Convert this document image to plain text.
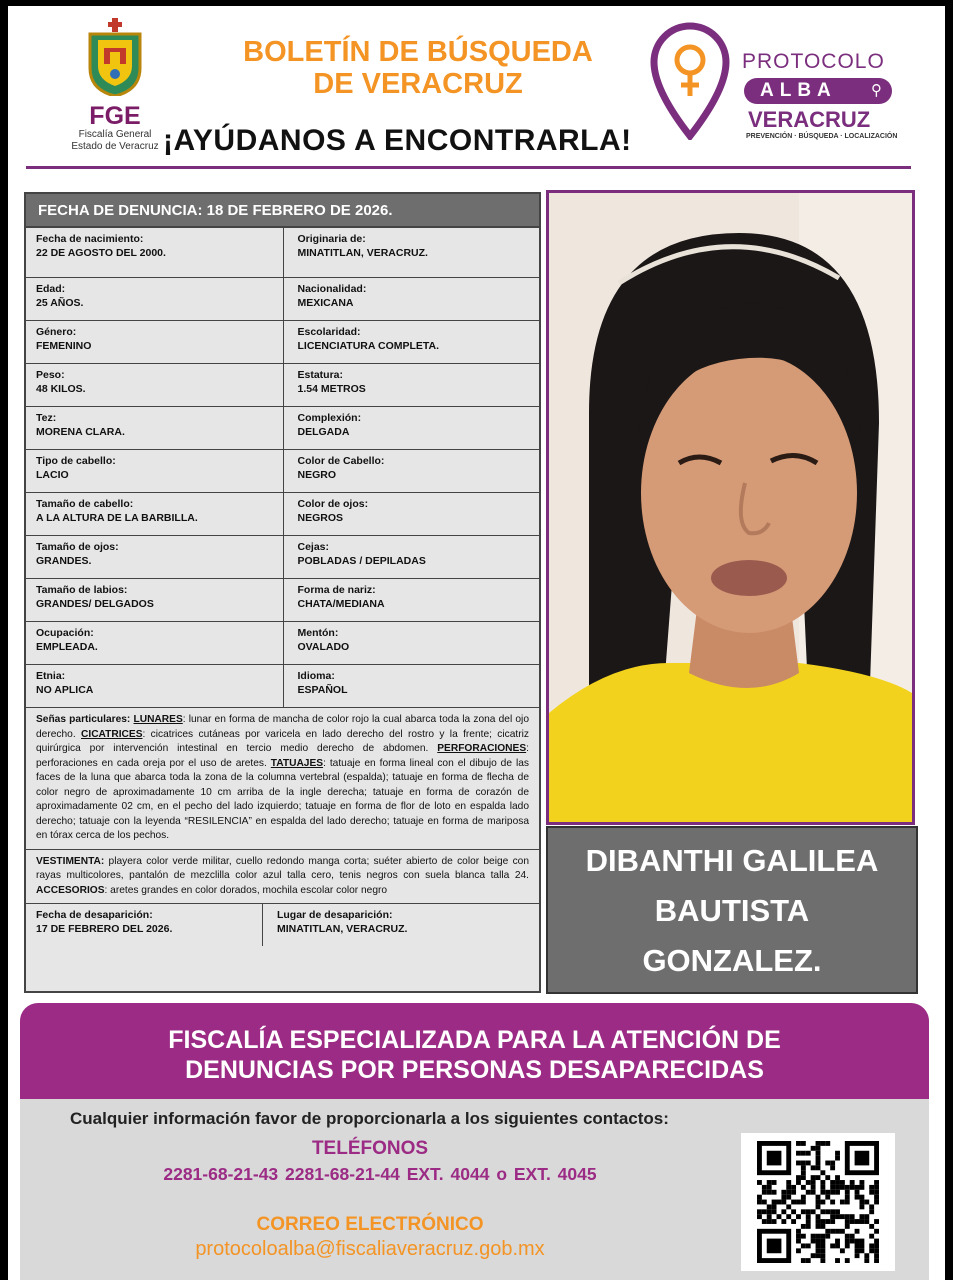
FGE
Fiscalía General
Estado de Veracruz
BOLETÍN DE BÚSQUEDA
DE VERACRUZ
¡AYÚDANOS A ENCONTRARLA!
PROTOCOLO
ALBA ⚲
VERACRUZ
PREVENCIÓN · BÚSQUEDA · LOCALIZACIÓN
FECHA DE DENUNCIA: 18 DE FEBRERO DE 2026.
Fecha de nacimiento:
22 DE AGOSTO DEL 2000.
Originaria de:
MINATITLAN, VERACRUZ.
Edad:
25 AÑOS.
Nacionalidad:
MEXICANA
Género:
FEMENINO
Escolaridad:
LICENCIATURA COMPLETA.
Peso:
48 KILOS.
Estatura:
1.54 METROS
Tez:
MORENA CLARA.
Complexión:
DELGADA
Tipo de cabello:
LACIO
Color de Cabello:
NEGRO
Tamaño de cabello:
A LA ALTURA DE LA BARBILLA.
Color de ojos:
NEGROS
Tamaño de ojos:
GRANDES.
Cejas:
POBLADAS / DEPILADAS
Tamaño de labios:
GRANDES/ DELGADOS
Forma de nariz:
CHATA/MEDIANA
Ocupación:
EMPLEADA.
Mentón:
OVALADO
Etnia:
NO APLICA
Idioma:
ESPAÑOL
Señas particulares: LUNARES: lunar en forma de mancha de color rojo la cual abarca toda la zona del ojo derecho. CICATRICES: cicatrices cutáneas por varicela en lado derecho del rostro y la frente; cicatriz quirúrgica por intervención intestinal en tercio medio derecho de abdomen. PERFORACIONES: perforaciones en cada oreja por el uso de aretes. TATUAJES: tatuaje en forma lineal con el dibujo de las faces de la luna que abarca toda la zona de la columna vertebral (espalda); tatuaje en forma de flecha de color negro de aproximadamente 10 cm arriba de la ingle derecha; tatuaje en forma de corazón de aproximadamente 02 cm, en el pecho del lado izquierdo; tatuaje en forma de flor de loto en espalda lado derecho; tatuaje con la leyenda “RESILENCIA” en espalda del lado derecho; tatuaje en forma de mariposa en tórax cerca de los pechos.
VESTIMENTA: playera color verde militar, cuello redondo manga corta; suéter abierto de color beige con rayas multicolores, pantalón de mezclilla color azul talla cero, tenis negros con suela blanca talla 24. ACCESORIOS: aretes grandes en color dorados, mochila escolar color negro
Fecha de desaparición:
17 DE FEBRERO DEL 2026.
Lugar de desaparición:
MINATITLAN, VERACRUZ.
DIBANTHI GALILEA
BAUTISTA
GONZALEZ.
FISCALÍA ESPECIALIZADA PARA LA ATENCIÓN DE
DENUNCIAS POR PERSONAS DESAPARECIDAS
Cualquier información favor de proporcionarla a los siguientes contactos:
TELÉFONOS
2281-68-21-43 2281-68-21-44 EXT. 4044 o EXT. 4045
CORREO ELECTRÓNICO
protocoloalba@fiscaliaveracruz.gob.mx
